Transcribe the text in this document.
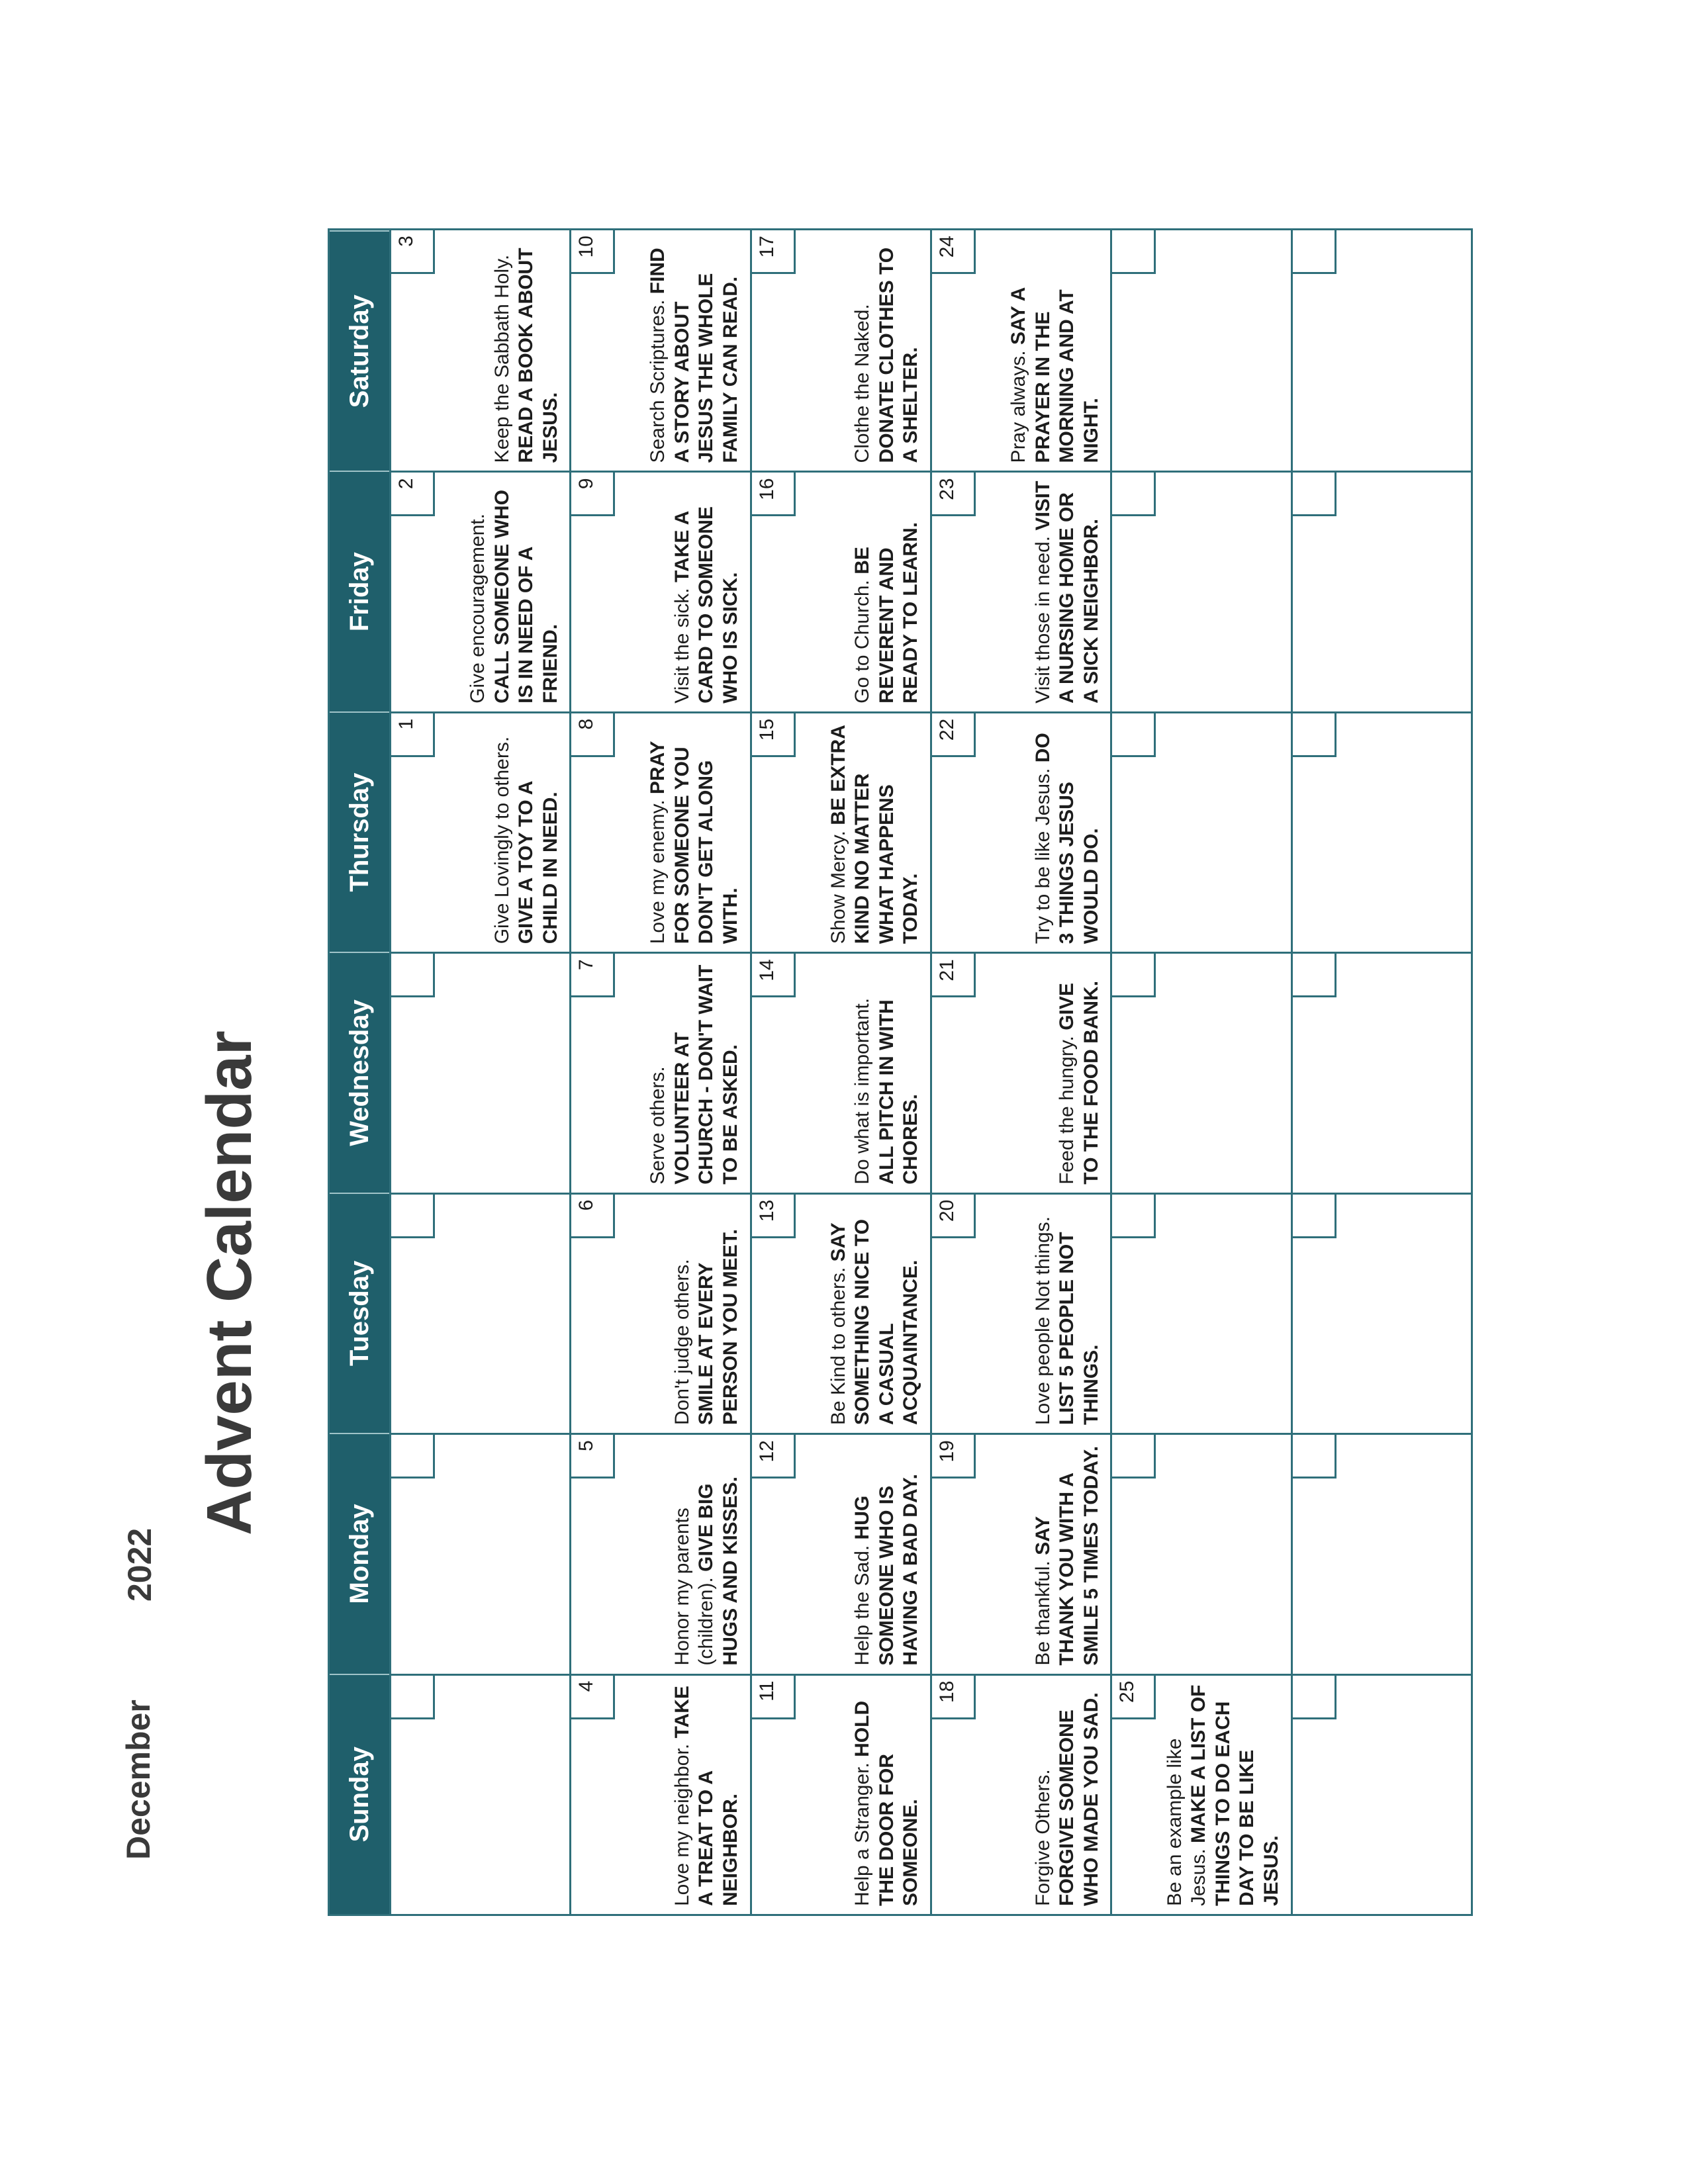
December
2022
Advent Calendar
Sunday
Monday
Tuesday
Wednesday
Thursday
Friday
Saturday
1
Give Lovingly to others. GIVE A TOY TO A CHILD IN NEED.
2
Give encouragement. CALL SOMEONE WHO IS IN NEED OF A FRIEND.
3
Keep the Sabbath Holy. READ A BOOK ABOUT JESUS.
4
Love my neighbor. TAKE A TREAT TO A NEIGHBOR.
5
Honor my parents (children). GIVE BIG HUGS AND KISSES.
6
Don't judge others. SMILE AT EVERY PERSON YOU MEET.
7
Serve others. VOLUNTEER AT CHURCH - DON'T WAIT TO BE ASKED.
8
Love my enemy. PRAY FOR SOMEONE YOU DON'T GET ALONG WITH.
9
Visit the sick. TAKE A CARD TO SOMEONE WHO IS SICK.
10
Search Scriptures. FIND A STORY ABOUT JESUS THE WHOLE FAMILY CAN READ.
11
Help a Stranger. HOLD THE DOOR FOR SOMEONE.
12
Help the Sad. HUG SOMEONE WHO IS HAVING A BAD DAY.
13
Be Kind to others. SAY SOMETHING NICE TO A CASUAL ACQUAINTANCE.
14
Do what is important. ALL PITCH IN WITH CHORES.
15
Show Mercy. BE EXTRA KIND NO MATTER WHAT HAPPENS TODAY.
16
Go to Church. BE REVERENT AND READY TO LEARN.
17
Clothe the Naked. DONATE CLOTHES TO A SHELTER.
18
Forgive Others. FORGIVE SOMEONE WHO MADE YOU SAD.
19
Be thankful. SAY THANK YOU WITH A SMILE 5 TIMES TODAY.
20
Love people Not things. LIST 5 PEOPLE NOT THINGS.
21
Feed the hungry. GIVE TO THE FOOD BANK.
22
Try to be like Jesus. DO 3 THINGS JESUS WOULD DO.
23
Visit those in need. VISIT A NURSING HOME OR A SICK NEIGHBOR.
24
Pray always. SAY A PRAYER IN THE MORNING AND AT NIGHT.
25
Be an example like Jesus. MAKE A LIST OF THINGS TO DO EACH DAY TO BE LIKE JESUS.
